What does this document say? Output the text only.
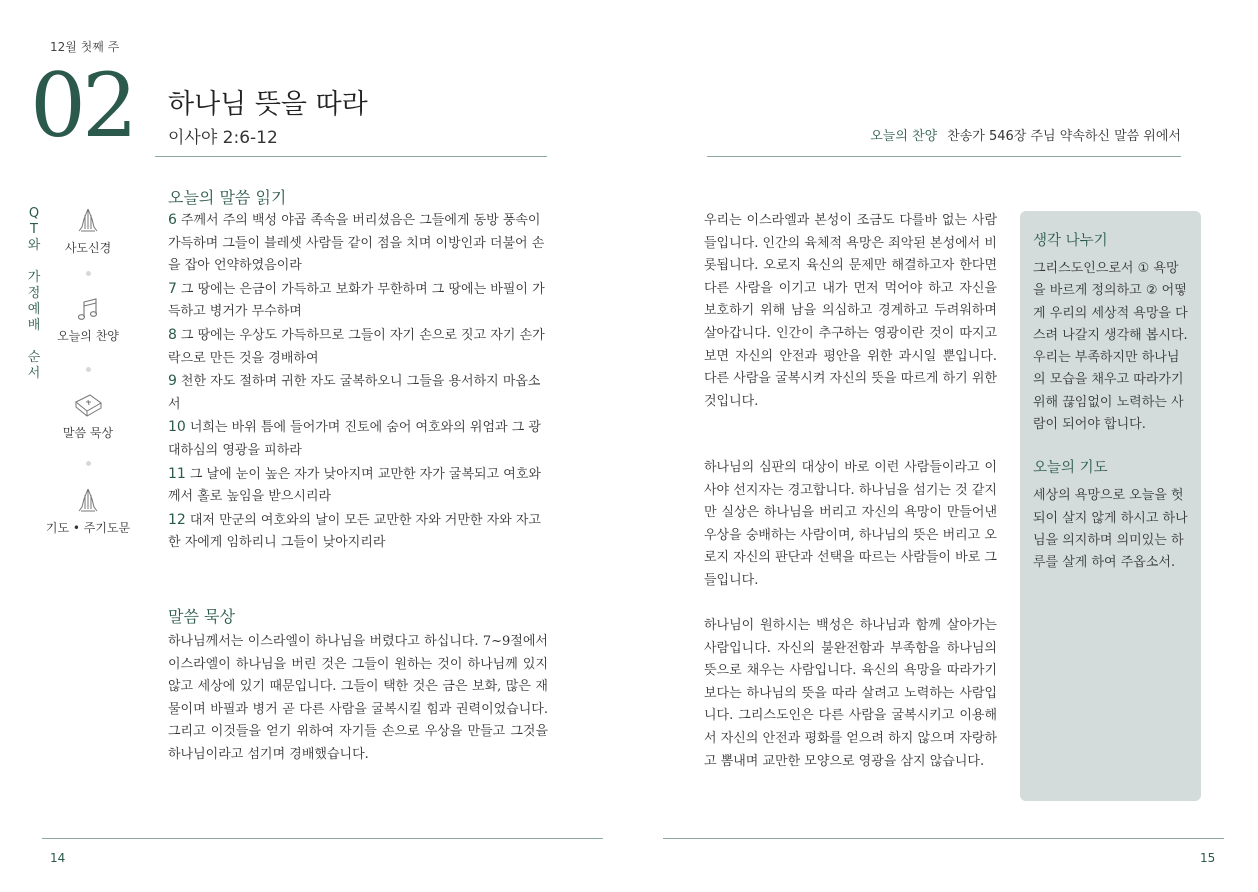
12월 첫째 주
02 하나님 뜻을 따라
이사야 2:6-12	오늘의 찬양 찬송가 546장 주님 약속하신 말씀 위에서
Q
T
와
가
정
예
배
순
서
사도신경
오늘의 찬양
말씀 묵상
기도 • 주기도문
오늘의 말씀 읽기
6 주께서 주의 백성 야곱 족속을 버리셨음은 그들에게 동방 풍속이 가득하며 그들이 블레셋 사람들 같이 점을 치며 이방인과 더불어 손을 잡아 언약하였음이라
7 그 땅에는 은금이 가득하고 보화가 무한하며 그 땅에는 바필이 가득하고 병거가 무수하며
8 그 땅에는 우상도 가득하므로 그들이 자기 손으로 짓고 자기 손가락으로 만든 것을 경배하여
9 천한 자도 절하며 귀한 자도 굴복하오니 그들을 용서하지 마옵소서
10 너희는 바위 틈에 들어가며 진토에 숨어 여호와의 위엄과 그 광대하심의 영광을 피하라
11 그 날에 눈이 높은 자가 낮아지며 교만한 자가 굴복되고 여호와께서 홀로 높임을 받으시리라
12 대저 만군의 여호와의 날이 모든 교만한 자와 거만한 자와 자고한 자에게 임하리니 그들이 낮아지리라
말씀 묵상

하나님께서는 이스라엘이 하나님을 버렸다고 하십니다. 7~9절에서 이스라엘이 하나님을 버린 것은 그들이 원하는 것이 하나님께 있지 않고 세상에 있기 때문입니다. 그들이 택한 것은 금은 보화, 많은 재물이며 바필과 병거 곧 다른 사람을 굴복시킬 힘과 권력이었습니다. 그리고 이것들을 얻기 위하여 자기들 손으로 우상을 만들고 그것을 하나님이라고 섬기며 경배했습니다.

우리는 이스라엘과 본성이 조금도 다를바 없는 사람들입니다. 인간의 육체적 욕망은 죄악된 본성에서 비롯됩니다. 오로지 육신의 문제만 해결하고자 한다면 다른 사람을 이기고 내가 먼저 먹어야 하고 자신을 보호하기 위해 남을 의심하고 경계하고 두려워하며 살아갑니다. 인간이 추구하는 영광이란 것이 따지고 보면 자신의 안전과 평안을 위한 과시일 뿐입니다. 다른 사람을 굴복시켜 자신의 뜻을 따르게 하기 위한 것입니다.

하나님의 심판의 대상이 바로 이런 사람들이라고 이사야 선지자는 경고합니다. 하나님을 섬기는 것 같지만 실상은 하나님을 버리고 자신의 욕망이 만들어낸 우상을 숭배하는 사람이며, 하나님의 뜻은 버리고 오로지 자신의 판단과 선택을 따르는 사람들이 바로 그들입니다.

하나님이 원하시는 백성은 하나님과 함께 살아가는 사람입니다. 자신의 불완전함과 부족함을 하나님의 뜻으로 채우는 사람입니다. 육신의 욕망을 따라가기 보다는 하나님의 뜻을 따라 살려고 노력하는 사람입니다. 그리스도인은 다른 사람을 굴복시키고 이용해서 자신의 안전과 평화를 얻으려 하지 않으며 자랑하고 뽐내며 교만한 모양으로 영광을 삼지 않습니다.

생각 나누기

그리스도인으로서 ① 욕망을 바르게 정의하고 ② 어떻게 우리의 세상적 욕망을 다스려 나갈지 생각해 봅시다. 우리는 부족하지만 하나님의 모습을 채우고 따라가기 위해 끊임없이 노력하는 사람이 되어야 합니다.

오늘의 기도

세상의 욕망으로 오늘을 헛되이 살지 않게 하시고 하나님을 의지하며 의미있는 하루를 살게 하여 주옵소서.

14	15
